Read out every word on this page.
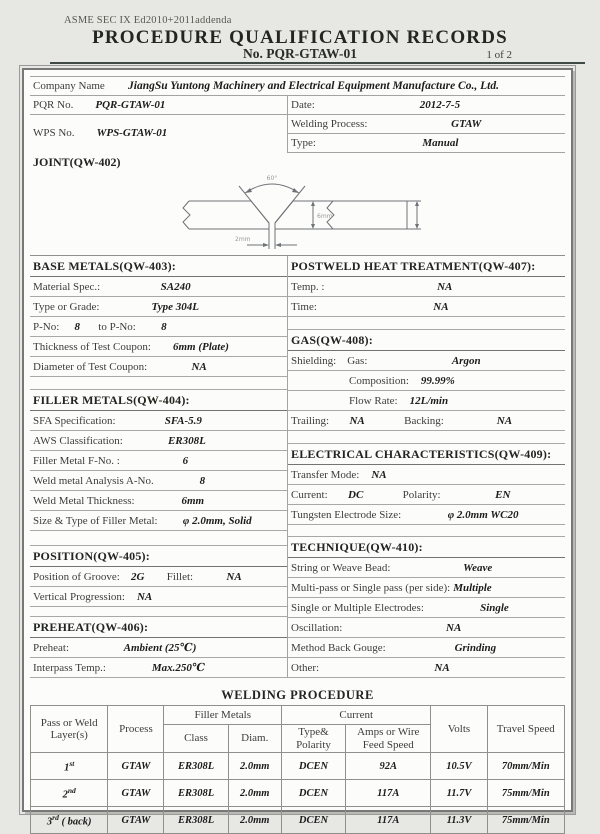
ASME SEC IX Ed2010+2011addenda
PROCEDURE QUALIFICATION RECORDS
No. PQR-GTAW-01	1 of 2
Company Name	JiangSu Yuntong Machinery and Electrical Equipment Manufacture Co., Ltd.
PQR No. PQR-GTAW-01
WPS No. WPS-GTAW-01
Date:	2012-7-5
Welding Process:	GTAW
Type:	Manual
JOINT(QW-402)
60°
6mm
2mm
BASE METALS(QW-403):
Material Spec.:	SA240
Type or Grade:	Type 304L
P-No:	8	to P-No:	8
Thickness of Test Coupon:	6mm (Plate)
Diameter of Test Coupon:	NA
FILLER METALS(QW-404):
SFA Specification:	SFA-5.9
AWS Classification:	ER308L
Filler Metal F-No. :	6
Weld metal Analysis A-No.	8
Weld Metal Thickness:	6mm
Size & Type of Filler Metal:	φ 2.0mm, Solid
POSITION(QW-405):
Position of Groove:	2G	Fillet:	NA
Vertical Progression: NA
PREHEAT(QW-406):
Preheat:	Ambient (25℃)
Interpass Temp.:	Max.250℃
POSTWELD HEAT TREATMENT(QW-407):
Temp. :	NA
Time:	NA
GAS(QW-408):
Shielding: Gas:	Argon
Composition: 99.99%
Flow Rate: 12L/min
Trailing:	NA	Backing:	NA
ELECTRICAL CHARACTERISTICS(QW-409):
Transfer Mode: NA
Current:	DC	Polarity:	EN
Tungsten Electrode Size:	φ 2.0mm WC20
TECHNIQUE(QW-410):
String or Weave Bead:	Weave
Multi-pass or Single pass (per side): Multiple
Single or Multiple Electrodes:	Single
Oscillation:	NA
Method Back Gouge:	Grinding
Other:	NA
WELDING PROCEDURE
Pass or Weld Layer(s)	Process	Filler Metals		Current		Volts	Travel Speed
		Class	Diam.	Type& Polarity	Amps or Wire Feed Speed		
1st	GTAW	ER308L	2.0mm	DCEN	92A	10.5V	70mm/Min
2nd	GTAW	ER308L	2.0mm	DCEN	117A	11.7V	75mm/Min
3rd ( back)	GTAW	ER308L	2.0mm	DCEN	117A	11.3V	75mm/Min
